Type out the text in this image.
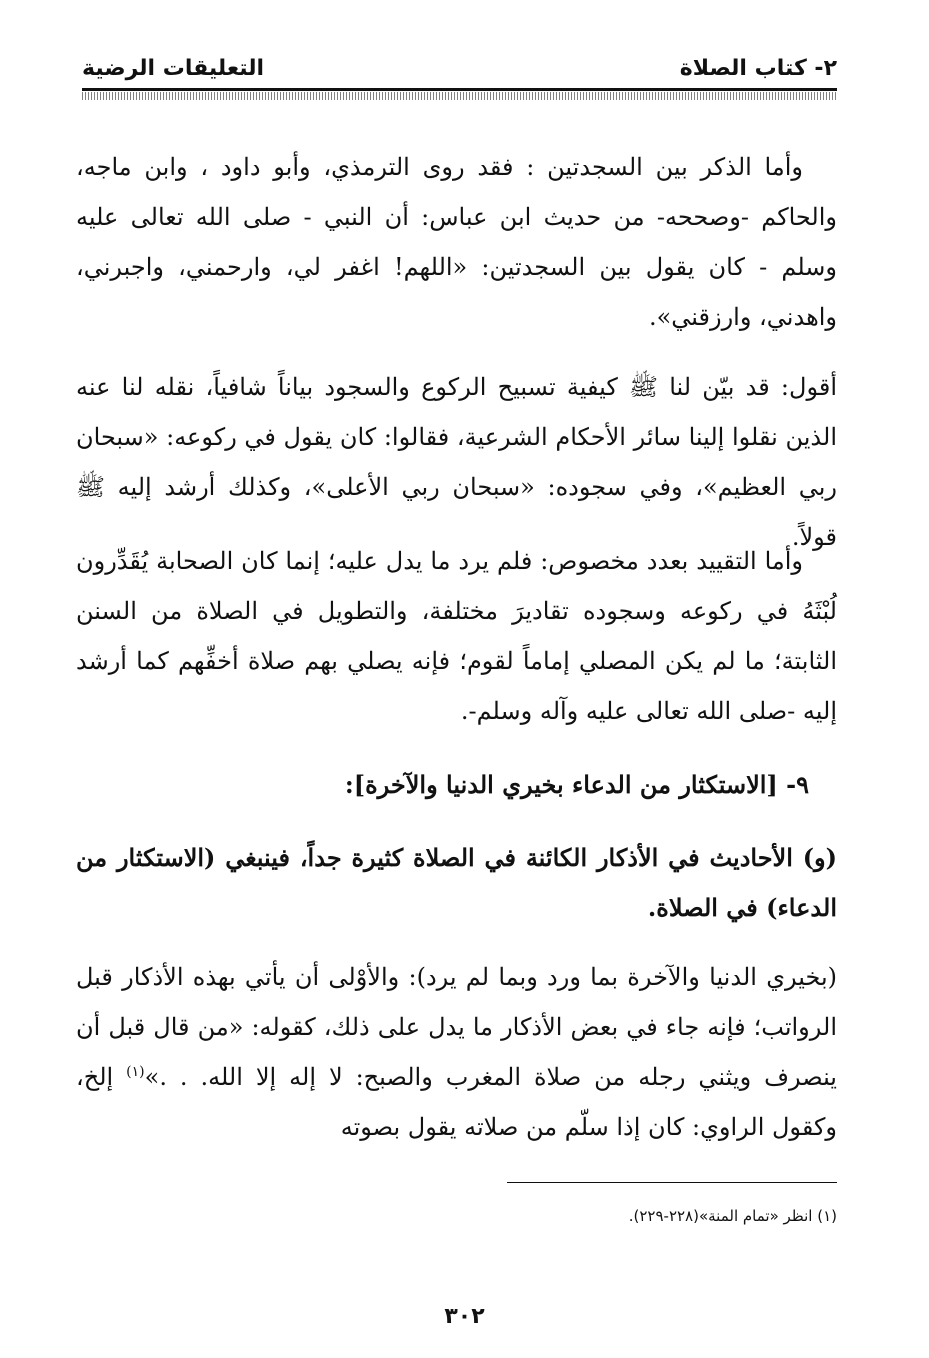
٢- كتاب الصلاة
التعليقات الرضية
وأما الذكر بين السجدتين : فقد روى الترمذي، وأبو داود ، وابن ماجه، والحاكم -وصححه- من حديث ابن عباس: أن النبي - صلى الله تعالى عليه وسلم - كان يقول بين السجدتين: «اللهم! اغفر لي، وارحمني، واجبرني، واهدني، وارزقني».
أقول: قد بيّن لنا ﷺ كيفية تسبيح الركوع والسجود بياناً شافياً، نقله لنا عنه الذين نقلوا إلينا سائر الأحكام الشرعية، فقالوا: كان يقول في ركوعه: «سبحان ربي العظيم»، وفي سجوده: «سبحان ربي الأعلى»، وكذلك أرشد إليه ﷺ قولاً.
وأما التقييد بعدد مخصوص: فلم يرد ما يدل عليه؛ إنما كان الصحابة يُقَدِّرون لُبْثَهُ في ركوعه وسجوده تقاديرَ مختلفة، والتطويل في الصلاة من السنن الثابتة؛ ما لم يكن المصلي إماماً لقوم؛ فإنه يصلي بهم صلاة أخفِّهم كما أرشد إليه -صلى الله تعالى عليه وآله وسلم-.
٩- [الاستكثار من الدعاء بخيري الدنيا والآخرة]:
(و) الأحاديث في الأذكار الكائنة في الصلاة كثيرة جداً، فينبغي (الاستكثار من الدعاء) في الصلاة.
(بخيري الدنيا والآخرة بما ورد وبما لم يرد): والأوْلى أن يأتي بهذه الأذكار قبل الرواتب؛ فإنه جاء في بعض الأذكار ما يدل على ذلك، كقوله: «من قال قبل أن ينصرف ويثني رجله من صلاة المغرب والصبح: لا إله إلا الله. . .»$^{(١)}$ إلخ، وكقول الراوي: كان إذا سلّم من صلاته يقول بصوته
(١) انظر «تمام المنة»(٢٢٨-٢٢٩).
٣٠٢
